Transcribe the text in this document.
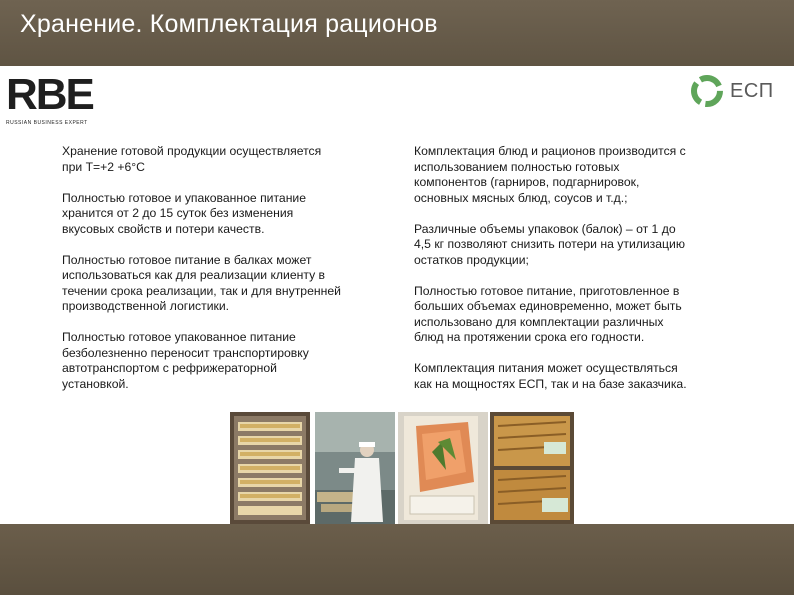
Хранение. Комплектация рационов
RBE
RUSSIAN BUSINESS EXPERT
ЕСП

Хранение готовой продукции осуществляется

при Т=+2 +6°С

Полностью готовое и упакованное питание

хранится от 2 до 15 суток без изменения

вкусовых свойств и потери качеств.

Полностью готовое питание в балках может

использоваться как для реализации клиенту в

течении срока реализации, так и для внутренней

производственной логистики.

Полностью готовое упакованное питание

безболезненно переносит транспортировку

автотранспортом с рефрижераторной

установкой.

Комплектация блюд и рационов производится с

использованием полностью готовых

компонентов (гарниров, подгарнировок,

основных мясных блюд, соусов и т.д.;

Различные объемы упаковок (балок) – от 1 до

4,5 кг позволяют снизить потери на утилизацию

остатков продукции;

Полностью готовое питание, приготовленное в

больших объемах единовременно, может быть

использовано для комплектации различных

блюд на протяжении срока его годности.

Комплектация питания может осуществляться

как на мощностях ЕСП, так и на базе заказчика.
